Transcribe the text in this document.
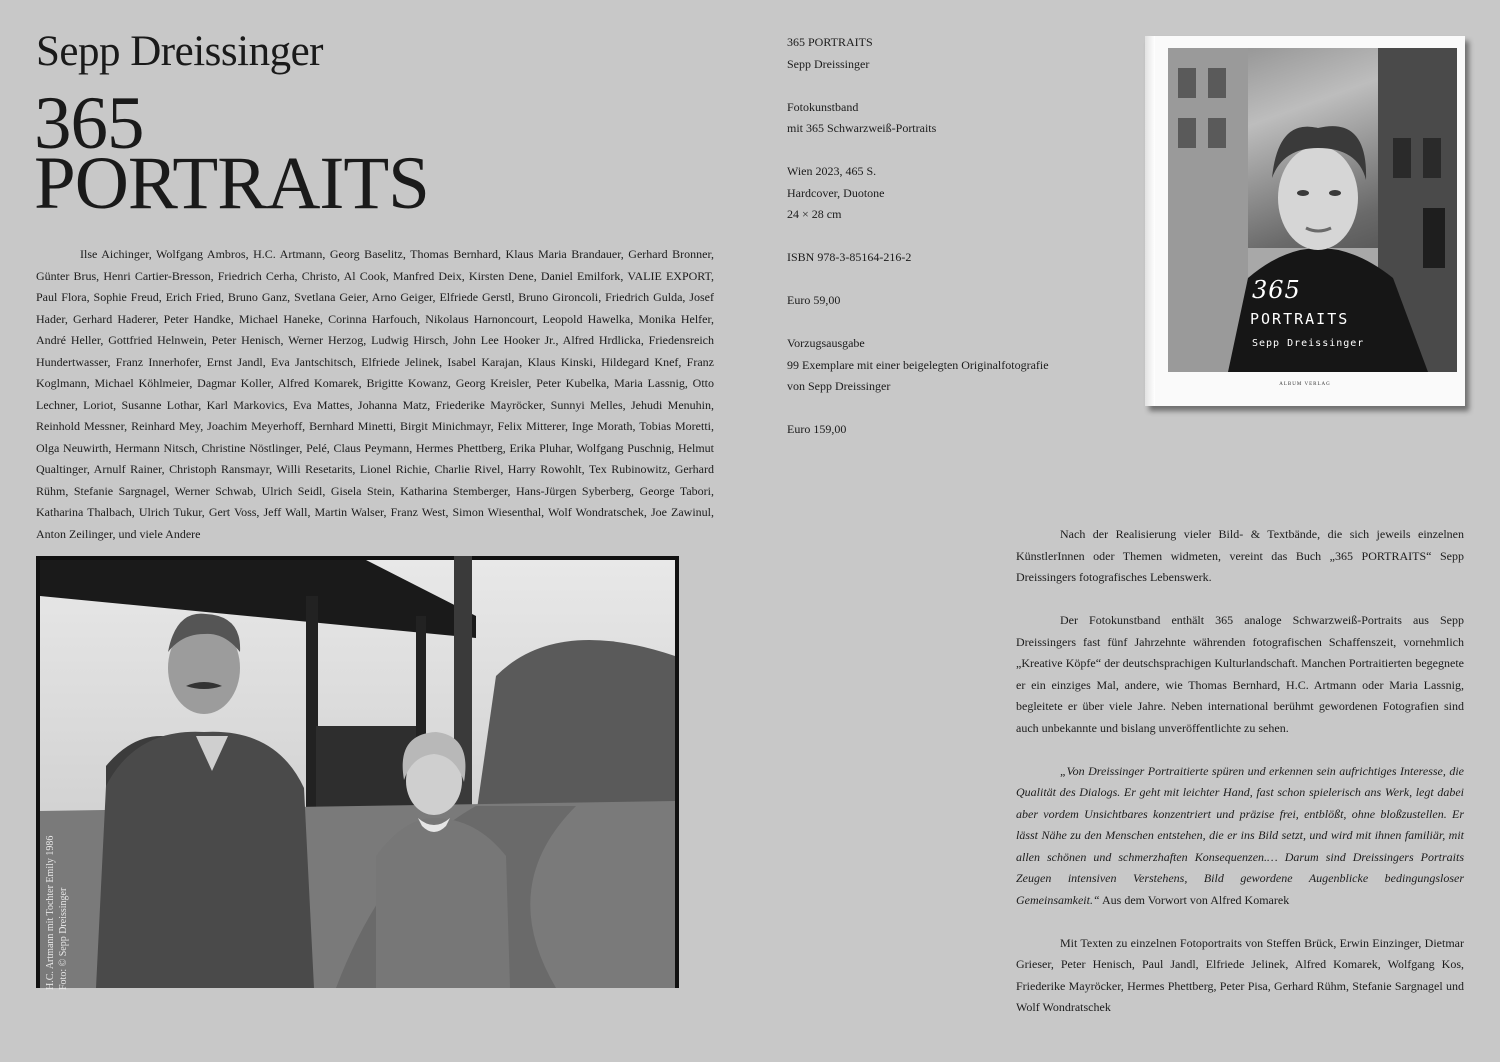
Sepp Dreissinger
365
PORTRAITS
Ilse Aichinger, Wolfgang Ambros, H.C. Artmann, Georg Baselitz, Thomas Bernhard, Klaus Maria Brandauer, Gerhard Bronner, Günter Brus, Henri Cartier-Bresson, Friedrich Cerha, Christo, Al Cook, Manfred Deix, Kirsten Dene, Daniel Emilfork, VALIE EXPORT, Paul Flora, Sophie Freud, Erich Fried, Bruno Ganz, Svetlana Geier, Arno Geiger, Elfriede Gerstl, Bruno Gironcoli, Friedrich Gulda, Josef Hader, Gerhard Haderer, Peter Handke, Michael Haneke, Corinna Harfouch, Nikolaus Harnoncourt, Leopold Hawelka, Monika Helfer, André Heller, Gottfried Helnwein, Peter Henisch, Werner Herzog, Ludwig Hirsch, John Lee Hooker Jr., Alfred Hrdlicka, Friedensreich Hundertwasser, Franz Innerhofer, Ernst Jandl, Eva Jantschitsch, Elfriede Jelinek, Isabel Karajan, Klaus Kinski, Hildegard Knef, Franz Koglmann, Michael Köhlmeier, Dagmar Koller, Alfred Komarek, Brigitte Kowanz, Georg Kreisler, Peter Kubelka, Maria Lassnig, Otto Lechner, Loriot, Susanne Lothar, Karl Markovics, Eva Mattes, Johanna Matz, Friederike Mayröcker, Sunnyi Melles, Jehudi Menuhin, Reinhold Messner, Reinhard Mey, Joachim Meyerhoff, Bernhard Minetti, Birgit Minichmayr, Felix Mitterer, Inge Morath, Tobias Moretti, Olga Neuwirth, Hermann Nitsch, Christine Nöstlinger, Pelé, Claus Peymann, Hermes Phettberg, Erika Pluhar, Wolfgang Puschnig, Helmut Qualtinger, Arnulf Rainer, Christoph Ransmayr, Willi Resetarits, Lionel Richie, Charlie Rivel, Harry Rowohlt, Tex Rubinowitz, Gerhard Rühm, Stefanie Sargnagel, Werner Schwab, Ulrich Seidl, Gisela Stein, Katharina Stemberger, Hans-Jürgen Syberberg, George Tabori, Katharina Thalbach, Ulrich Tukur, Gert Voss, Jeff Wall, Martin Walser, Franz West, Simon Wiesenthal, Wolf Wondratschek, Joe Zawinul, Anton Zeilinger, und viele Andere
365 PORTRAITS
Sepp Dreissinger
Fotokunstband
mit 365 Schwarzweiß-Portraits
Wien 2023, 465 S.
Hardcover, Duotone
24 × 28 cm
ISBN 978-3-85164-216-2
Euro 59,00
Vorzugsausgabe
99 Exemplare mit einer beigelegten Originalfotografie
von Sepp Dreissinger
Euro 159,00
365
PORTRAITS
Sepp Dreissinger
ALBUM VERLAG
H.C. Artmann mit Tochter Emily 1986 Foto: © Sepp Dreissinger

Nach der Realisierung vieler Bild- & Textbände, die sich jeweils einzelnen KünstlerInnen oder Themen widmeten, vereint das Buch „365 PORTRAITS“ Sepp Dreissingers fotografisches Lebenswerk.

Der Fotokunstband enthält 365 analoge Schwarzweiß-Portraits aus Sepp Dreissingers fast fünf Jahrzehnte währenden fotografischen Schaffenszeit, vornehmlich „Kreative Köpfe“ der deutschsprachigen Kulturlandschaft. Manchen Portraitierten begegnete er ein einziges Mal, andere, wie Thomas Bernhard, H.C. Artmann oder Maria Lassnig, begleitete er über viele Jahre. Neben international berühmt gewordenen Fotografien sind auch unbekannte und bislang unveröffentlichte zu sehen.

„Von Dreissinger Portraitierte spüren und erkennen sein aufrichtiges Interesse, die Qualität des Dialogs. Er geht mit leichter Hand, fast schon spielerisch ans Werk, legt dabei aber vordem Unsichtbares konzentriert und präzise frei, entblößt, ohne bloßzustellen. Er lässt Nähe zu den Menschen entstehen, die er ins Bild setzt, und wird mit ihnen familiär, mit allen schönen und schmerzhaften Konsequenzen.… Darum sind Dreissingers Portraits Zeugen intensiven Verstehens, Bild gewordene Augenblicke bedingungsloser Gemeinsamkeit.“ Aus dem Vorwort von Alfred Komarek

Mit Texten zu einzelnen Fotoportraits von Steffen Brück, Erwin Einzinger, Dietmar Grieser, Peter Henisch, Paul Jandl, Elfriede Jelinek, Alfred Komarek, Wolfgang Kos, Friederike Mayröcker, Hermes Phettberg, Peter Pisa, Gerhard Rühm, Stefanie Sargnagel und Wolf Wondratschek
